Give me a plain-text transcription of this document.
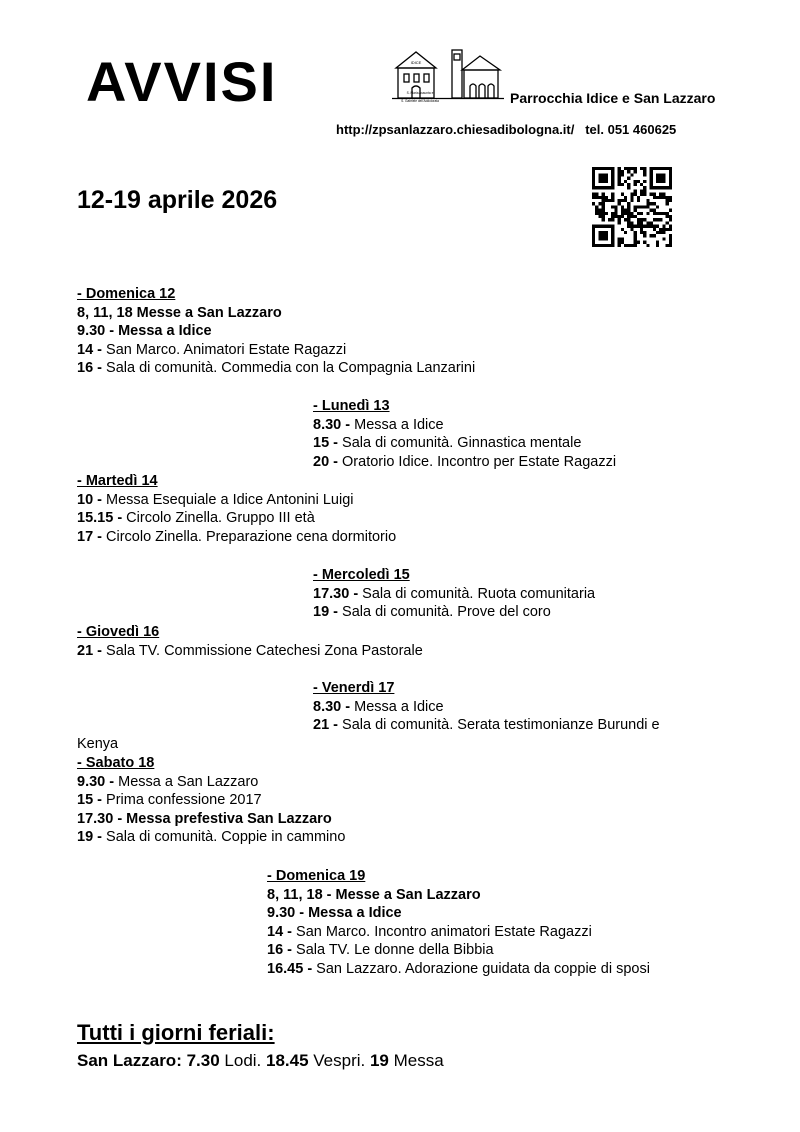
AVVISI	IDICE
S. Maria Assunta e
S. Gabriele dell'Addolorata	Parrocchia Idice e San Lazzaro
http://zpsanlazzaro.chiesadibologna.it/ tel. 051 460625
12-19 aprile 2026
- Domenica 12
8, 11, 18 Messe a San Lazzaro
9.30 - Messa a Idice
14 - San Marco. Animatori Estate Ragazzi
16 - Sala di comunità. Commedia con la Compagnia Lanzarini
- Lunedì 13
8.30 - Messa a Idice
15 - Sala di comunità. Ginnastica mentale
20 - Oratorio Idice. Incontro per Estate Ragazzi
- Martedì 14
10 - Messa Esequiale a Idice Antonini Luigi
15.15 - Circolo Zinella. Gruppo III età
17 - Circolo Zinella. Preparazione cena dormitorio
- Mercoledì 15
17.30 - Sala di comunità. Ruota comunitaria
19 - Sala di comunità. Prove del coro
- Giovedì 16
21 - Sala TV. Commissione Catechesi Zona Pastorale
- Venerdì 17
8.30 - Messa a Idice
21 - Sala di comunità. Serata testimonianze Burundi e
- Sabato 18
9.30 - Messa a San Lazzaro
15 - Prima confessione 2017
17.30 - Messa prefestiva San Lazzaro
19 - Sala di comunità. Coppie in cammino
- Domenica 19
8, 11, 18 - Messe a San Lazzaro
9.30 - Messa a Idice
14 - San Marco. Incontro animatori Estate Ragazzi
16 - Sala TV. Le donne della Bibbia
16.45 - San Lazzaro. Adorazione guidata da coppie di sposi
Kenya
Tutti i giorni feriali:
San Lazzaro: 7.30 Lodi. 18.45 Vespri. 19 Messa
